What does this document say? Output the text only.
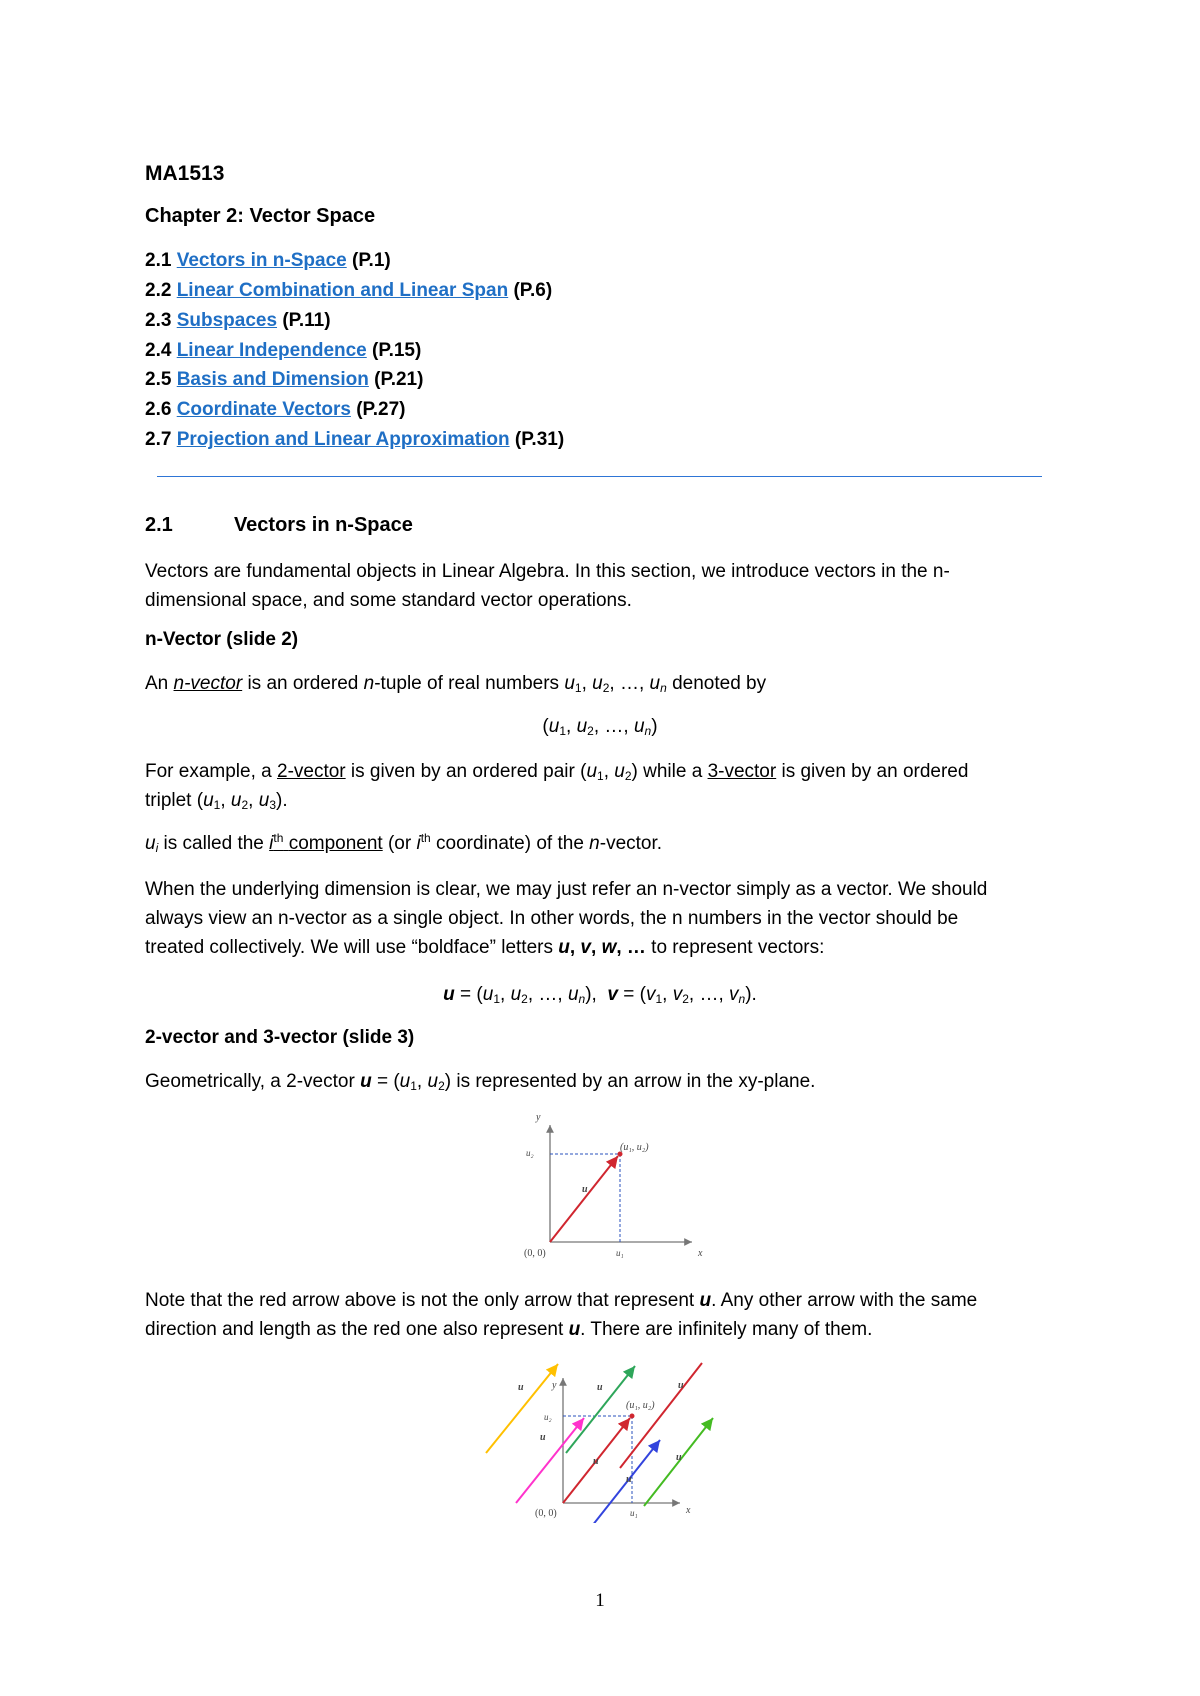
MA1513
Chapter 2: Vector Space
2.1 Vectors in n-Space (P.1)
2.2 Linear Combination and Linear Span (P.6)
2.3 Subspaces (P.11)
2.4 Linear Independence (P.15)
2.5 Basis and Dimension (P.21)
2.6 Coordinate Vectors (P.27)
2.7 Projection and Linear Approximation (P.31)
2.1	Vectors in n-Space
Vectors are fundamental objects in Linear Algebra. In this section, we introduce vectors in the n-
dimensional space, and some standard vector operations.
n-Vector (slide 2)
An n-vector is an ordered n-tuple of real numbers $u_1$, $u_2$, …, $u_n$ denoted by
($u_1$, $u_2$, …, $u_n$)
For example, a 2-vector is given by an ordered pair ($u_1$, $u_2$) while a 3-vector is given by an ordered
triplet ($u_1$, $u_2$, $u_3$).
$u_i$ is called the $i^{th}$ component (or $i^{th}$ coordinate) of the n-vector.
When the underlying dimension is clear, we may just refer an n-vector simply as a vector. We should
always view an n-vector as a single object. In other words, the n numbers in the vector should be
treated collectively. We will use “boldface” letters u, v, w, … to represent vectors:
$u = (u_1$, $u_2$, …, $u_n$),  $v = (v_1$, $v_2$, …, $v_n$).
2-vector and 3-vector (slide 3)
Geometrically, a 2-vector $u = (u_1$, $u_2$) is represented by an arrow in the xy-plane.
y
x
(0, 0)
u₂
u₁
(u₁, u₂)
u
Note that the red arrow above is not the only arrow that represent u. Any other arrow with the same
direction and length as the red one also represent u. There are infinitely many of them.
y
x
(0, 0)
u₂
u₁
(u₁, u₂)
u	u	u
u
u	u
u
1
